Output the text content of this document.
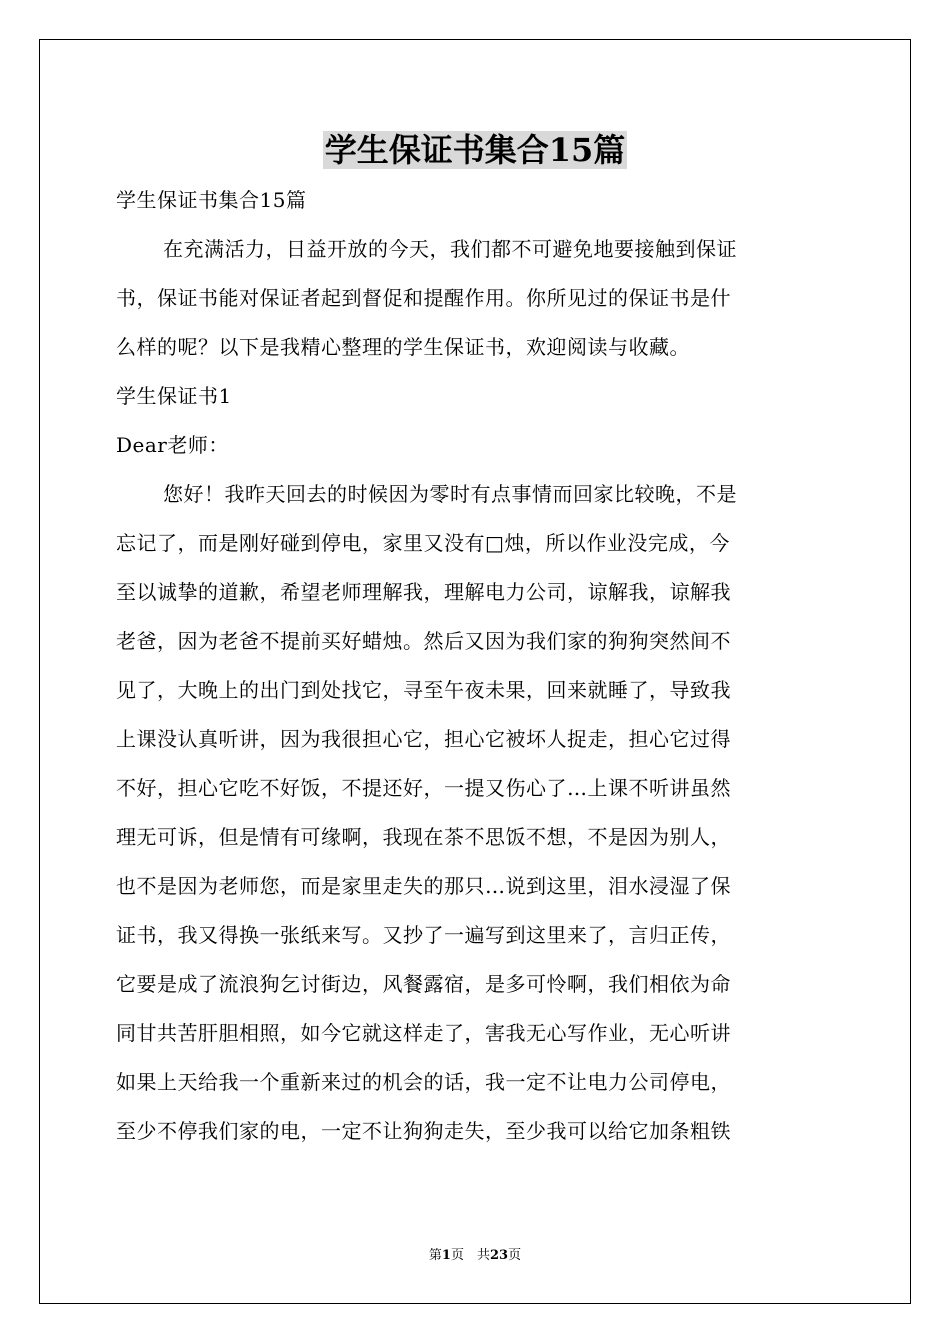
学生保证书集合15篇
学生保证书集合15篇
在充满活力，日益开放的今天，我们都不可避免地要接触到保证
书，保证书能对保证者起到督促和提醒作用。你所见过的保证书是什
么样的呢？以下是我精心整理的学生保证书，欢迎阅读与收藏。
学生保证书1
Dear老师：
您好！我昨天回去的时候因为零时有点事情而回家比较晚，不是
忘记了，而是刚好碰到停电，家里又没有□烛，所以作业没完成，今
至以诚挚的道歉，希望老师理解我，理解电力公司，谅解我，谅解我
老爸，因为老爸不提前买好蜡烛。然后又因为我们家的狗狗突然间不
见了，大晚上的出门到处找它，寻至午夜未果，回来就睡了，导致我
上课没认真听讲，因为我很担心它，担心它被坏人捉走，担心它过得
不好，担心它吃不好饭，不提还好，一提又伤心了…上课不听讲虽然
理无可诉，但是情有可缘啊，我现在茶不思饭不想，不是因为别人，
也不是因为老师您，而是家里走失的那只…说到这里，泪水浸湿了保
证书，我又得换一张纸来写。又抄了一遍写到这里来了，言归正传，
它要是成了流浪狗乞讨街边，风餐露宿，是多可怜啊，我们相依为命
同甘共苦肝胆相照，如今它就这样走了，害我无心写作业，无心听讲
如果上天给我一个重新来过的机会的话，我一定不让电力公司停电，
至少不停我们家的电，一定不让狗狗走失，至少我可以给它加条粗铁
第1页　共23页
